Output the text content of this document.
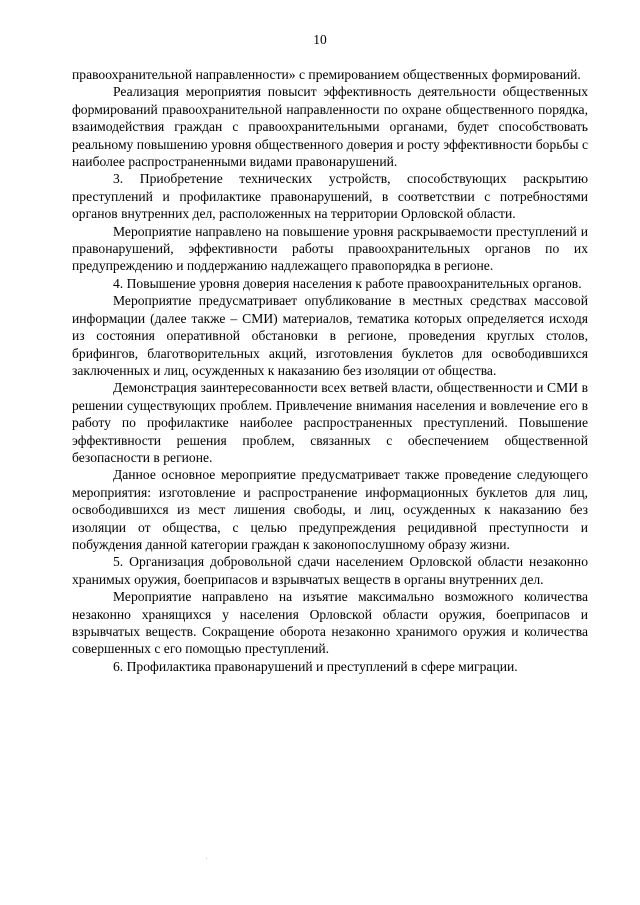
10

правоохранительной направленности» с премированием общественных формирований.

Реализация мероприятия повысит эффективность деятельности общественных формирований правоохранительной направленности по охране общественного порядка, взаимодействия граждан с правоохранительными органами, будет способствовать реальному повышению уровня общественного доверия и росту эффективности борьбы с наиболее распространенными видами правонарушений.

3. Приобретение технических устройств, способствующих раскрытию преступлений и профилактике правонарушений, в соответствии с потребностями органов внутренних дел, расположенных на территории Орловской области.

Мероприятие направлено на повышение уровня раскрываемости преступлений и правонарушений, эффективности работы правоохранительных органов по их предупреждению и поддержанию надлежащего правопорядка в регионе.

4. Повышение уровня доверия населения к работе правоохранительных органов.

Мероприятие предусматривает опубликование в местных средствах массовой информации (далее также – СМИ) материалов, тематика которых определяется исходя из состояния оперативной обстановки в регионе, проведения круглых столов, брифингов, благотворительных акций, изготовления буклетов для освободившихся заключенных и лиц, осужденных к наказанию без изоляции от общества.

Демонстрация заинтересованности всех ветвей власти, общественности и СМИ в решении существующих проблем. Привлечение внимания населения и вовлечение его в работу по профилактике наиболее распространенных преступлений. Повышение эффективности решения проблем, связанных с обеспечением общественной безопасности в регионе.

Данное основное мероприятие предусматривает также проведение следующего мероприятия: изготовление и распространение информационных буклетов для лиц, освободившихся из мест лишения свободы, и лиц, осужденных к наказанию без изоляции от общества, с целью предупреждения рецидивной преступности и побуждения данной категории граждан к законопослушному образу жизни.

5. Организация добровольной сдачи населением Орловской области незаконно хранимых оружия, боеприпасов и взрывчатых веществ в органы внутренних дел.

Мероприятие направлено на изъятие максимально возможного количества незаконно хранящихся у населения Орловской области оружия, боеприпасов и взрывчатых веществ. Сокращение оборота незаконно хранимого оружия и количества совершенных с его помощью преступлений.

6. Профилактика правонарушений и преступлений в сфере миграции.
